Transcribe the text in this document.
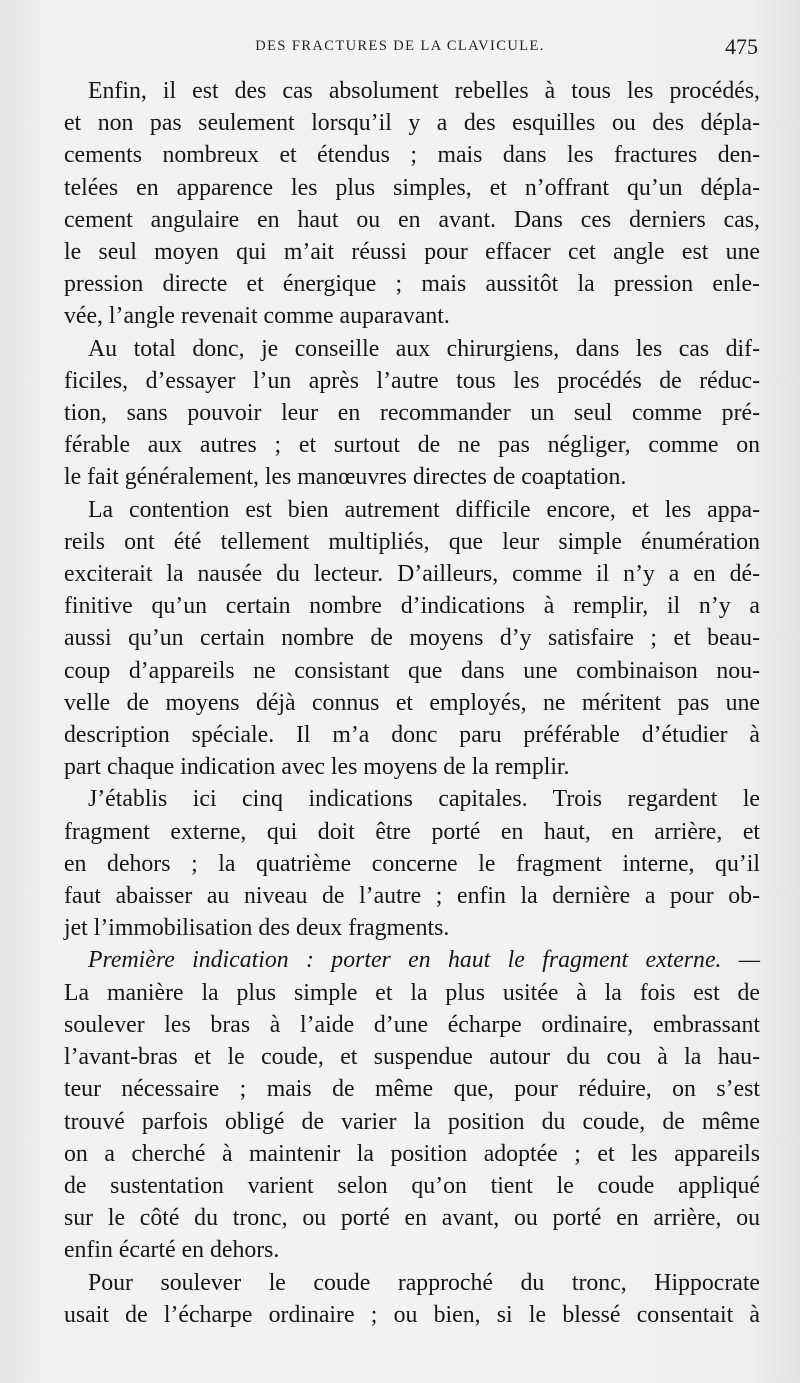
DES FRACTURES DE LA CLAVICULE.	475
Enfin, il est des cas absolument rebelles à tous les procédés,
et non pas seulement lorsqu’il y a des esquilles ou des dépla-
cements nombreux et étendus ; mais dans les fractures den-
telées en apparence les plus simples, et n’offrant qu’un dépla-
cement angulaire en haut ou en avant. Dans ces derniers cas,
le seul moyen qui m’ait réussi pour effacer cet angle est une
pression directe et énergique ; mais aussitôt la pression enle-
vée, l’angle revenait comme auparavant.
Au total donc, je conseille aux chirurgiens, dans les cas dif-
ficiles, d’essayer l’un après l’autre tous les procédés de réduc-
tion, sans pouvoir leur en recommander un seul comme pré-
férable aux autres ; et surtout de ne pas négliger, comme on
le fait généralement, les manœuvres directes de coaptation.
La contention est bien autrement difficile encore, et les appa-
reils ont été tellement multipliés, que leur simple énumération
exciterait la nausée du lecteur. D’ailleurs, comme il n’y a en dé-
finitive qu’un certain nombre d’indications à remplir, il n’y a
aussi qu’un certain nombre de moyens d’y satisfaire ; et beau-
coup d’appareils ne consistant que dans une combinaison nou-
velle de moyens déjà connus et employés, ne méritent pas une
description spéciale. Il m’a donc paru préférable d’étudier à
part chaque indication avec les moyens de la remplir.
J’établis ici cinq indications capitales. Trois regardent le
fragment externe, qui doit être porté en haut, en arrière, et
en dehors ; la quatrième concerne le fragment interne, qu’il
faut abaisser au niveau de l’autre ; enfin la dernière a pour ob-
jet l’immobilisation des deux fragments.
Première indication : porter en haut le fragment externe. —
La manière la plus simple et la plus usitée à la fois est de
soulever les bras à l’aide d’une écharpe ordinaire, embrassant
l’avant-bras et le coude, et suspendue autour du cou à la hau-
teur nécessaire ; mais de même que, pour réduire, on s’est
trouvé parfois obligé de varier la position du coude, de même
on a cherché à maintenir la position adoptée ; et les appareils
de sustentation varient selon qu’on tient le coude appliqué
sur le côté du tronc, ou porté en avant, ou porté en arrière, ou
enfin écarté en dehors.
Pour soulever le coude rapproché du tronc, Hippocrate
usait de l’écharpe ordinaire ; ou bien, si le blessé consentait à
